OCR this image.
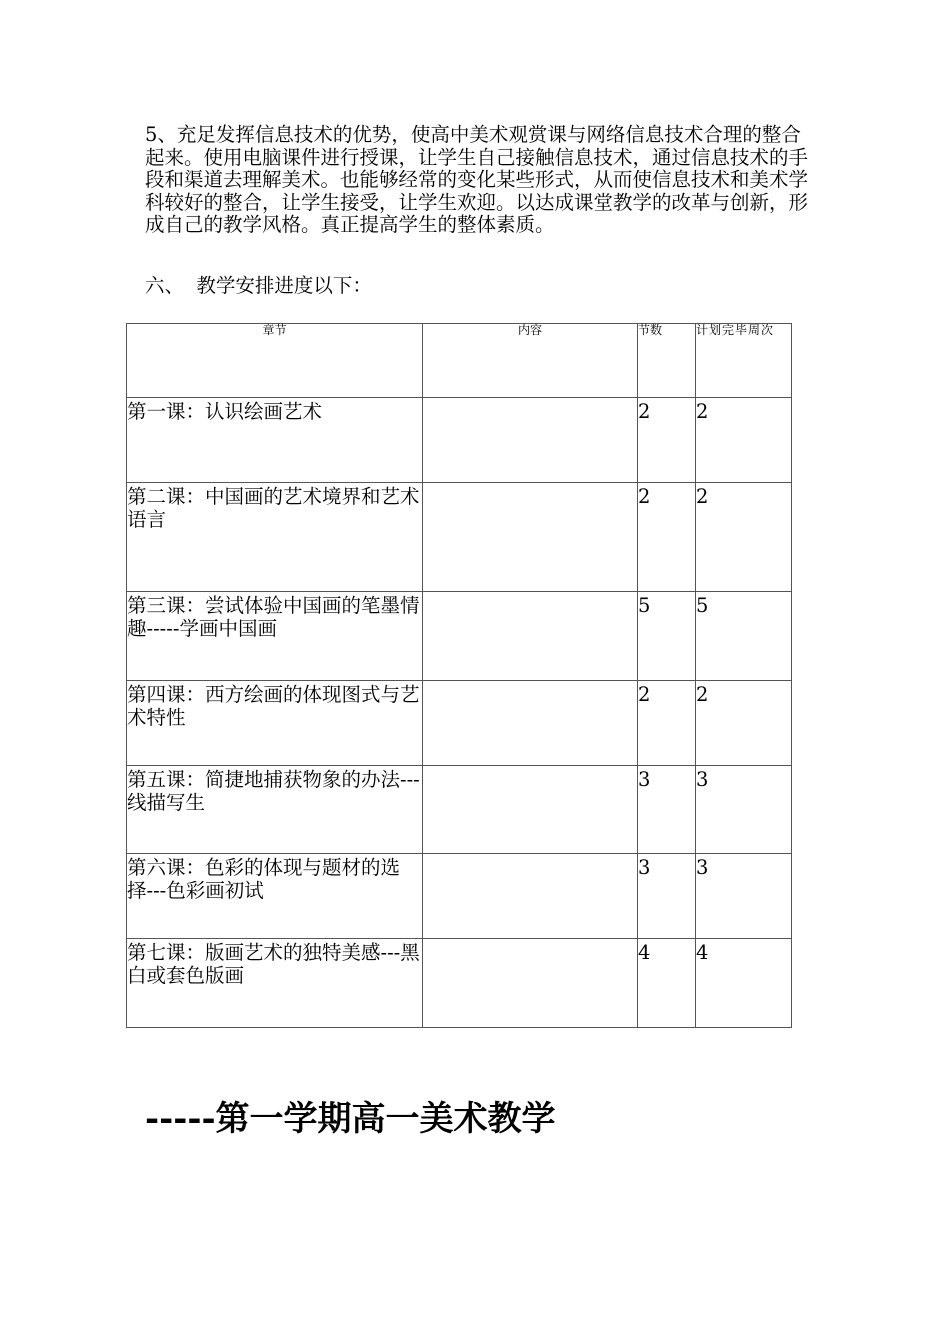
5、充足发挥信息技术的优势，使高中美术观赏课与网络信息技术合理的整合起来。使用电脑课件进行授课，让学生自己接触信息技术，通过信息技术的手段和渠道去理解美术。也能够经常的变化某些形式，从而使信息技术和美术学科较好的整合，让学生接受，让学生欢迎。以达成课堂教学的改革与创新，形成自己的教学风格。真正提高学生的整体素质。
六、  教学安排进度以下：
章节	内容	节数	计划完毕周次
第一课：认识绘画艺术		2	2
第二课：中国画的艺术境界和艺术语言		2	2
第三课：尝试体验中国画的笔墨情趣-----学画中国画		5	5
第四课：西方绘画的体现图式与艺术特性		2	2
第五课：简捷地捕获物象的办法---线描写生		3	3
第六课：色彩的体现与题材的选择---色彩画初试		3	3
第七课：版画艺术的独特美感---黑白或套色版画		4	4
-----第一学期高一美术教学
